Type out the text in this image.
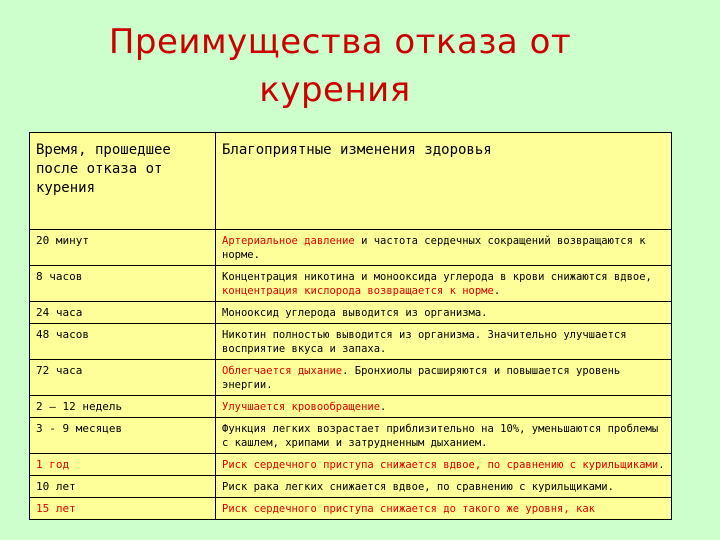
Преимущества отказа от
курения
Время, прошедшее после отказа от курения	Благоприятные изменения здоровья
20 минут	Артериальное давление и частота сердечных сокращений возвращаются к норме.
8 часов	Концентрация никотина и монооксида углерода в крови снижаются вдвое, концентрация кислорода возвращается к норме.
24 часа	Монооксид углерода выводится из организма.
48 часов	Никотин полностью выводится из организма. Значительно улучшается восприятие вкуса и запаха.
72 часа	Облегчается дыхание. Бронхиолы расширяются и повышается уровень энергии.
2 – 12 недель	Улучшается кровообращение.
3 - 9 месяцев	Функция легких возрастает приблизительно на 10%, уменьшаются проблемы с кашлем, хрипами и затрудненным дыханием.
1 год	Риск сердечного приступа снижается вдвое, по сравнению с курильщиками.
10 лет	Риск рака легких снижается вдвое, по сравнению с курильщиками.
15 лет	Риск сердечного приступа снижается до такого же уровня, как
